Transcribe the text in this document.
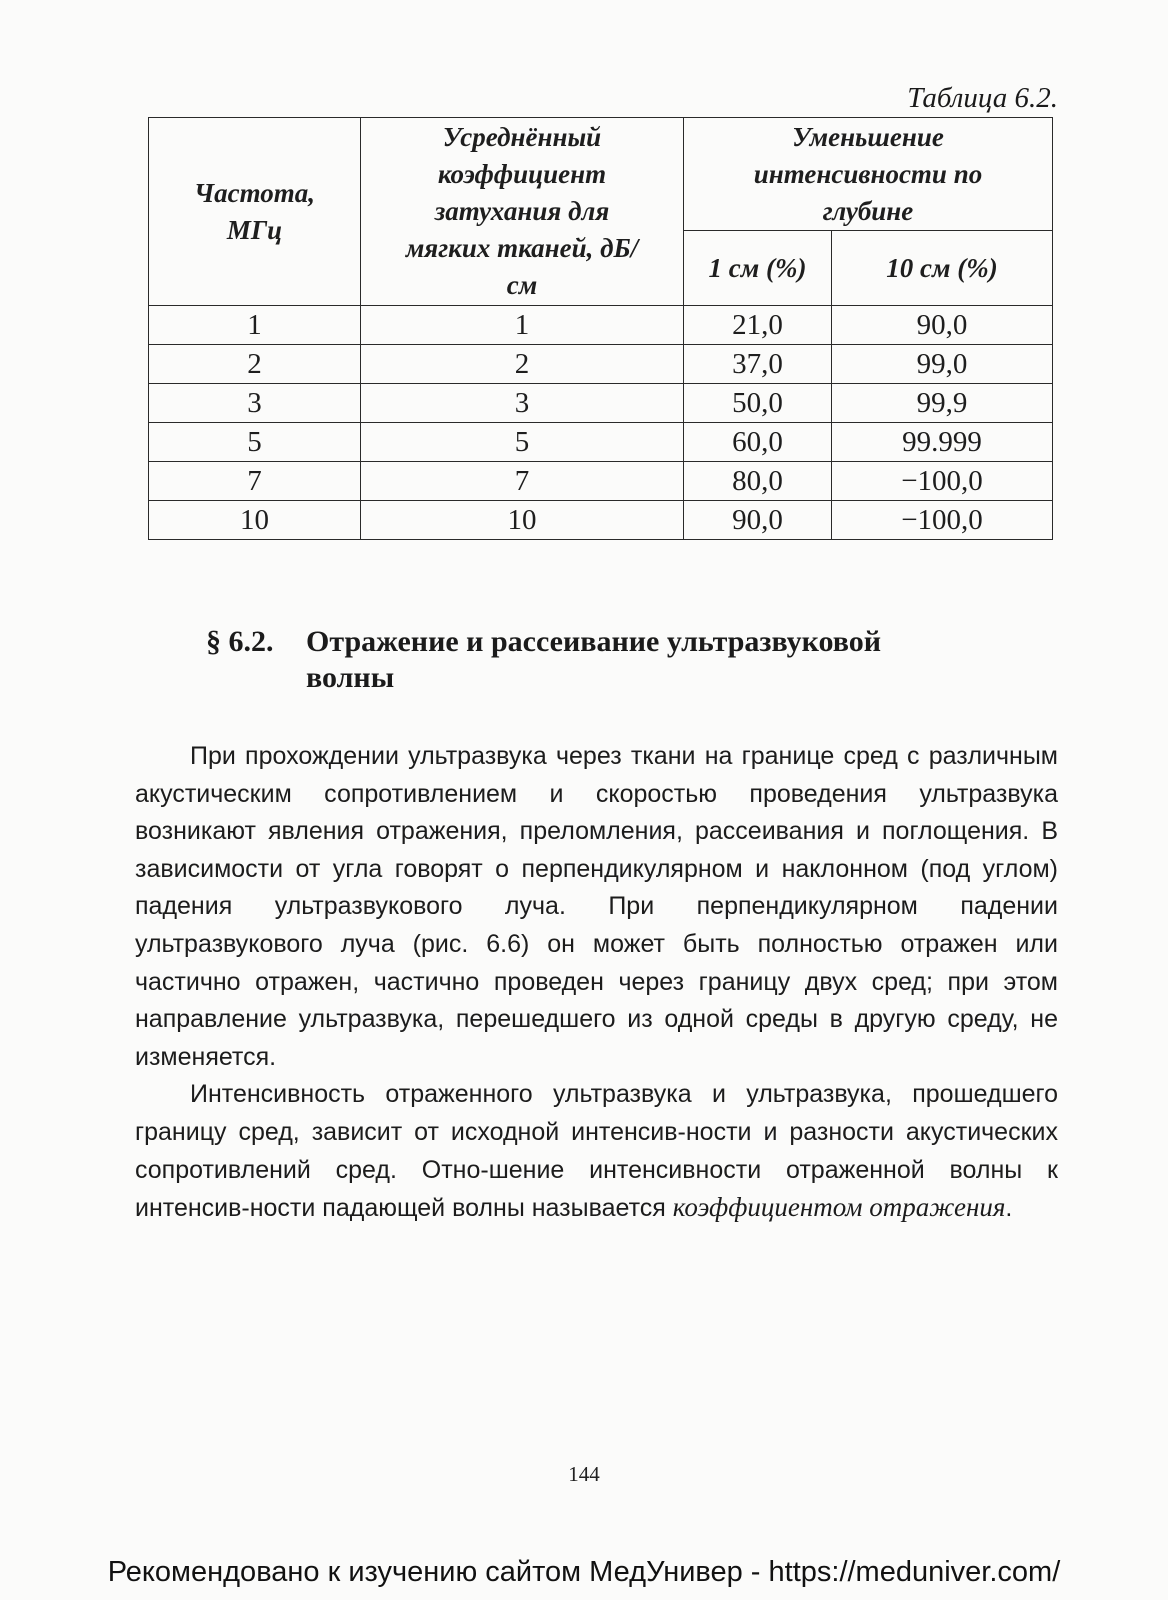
Таблица 6.2.
Частота, МГц	Усреднённый коэффициент затухания для мягких тканей, дБ/см	Уменьшение интенсивности по глубине	
		1 см (%)	10 см (%)
1	1	21,0	90,0
2	2	37,0	99,0
3	3	50,0	99,9
5	5	60,0	99.999
7	7	80,0	−100,0
10	10	90,0	−100,0
§ 6.2. Отражение и рассеивание ультразвуковой
волны

При прохождении ультразвука через ткани на границе сред с различным акустическим сопротивлением и скоростью проведения ультразвука возникают явления отражения, преломления, рассеивания и поглощения. В зависимости от угла говорят о перпендикулярном и наклонном (под углом) падения ультразвукового луча. При перпендикулярном падении ультразвукового луча (рис. 6.6) он может быть полностью отражен или частично отражен, частично проведен через границу двух сред; при этом направление ультразвука, перешедшего из одной среды в другую среду, не изменяется.

Интенсивность отраженного ультразвука и ультразвука, прошедшего границу сред, зависит от исходной интенсив-ности и разности акустических сопротивлений сред. Отно-шение интенсивности отраженной волны к интенсив-ности падающей волны называется коэффициентом отражения.

144
Рекомендовано к изучению сайтом МедУнивер - https://meduniver.com/
